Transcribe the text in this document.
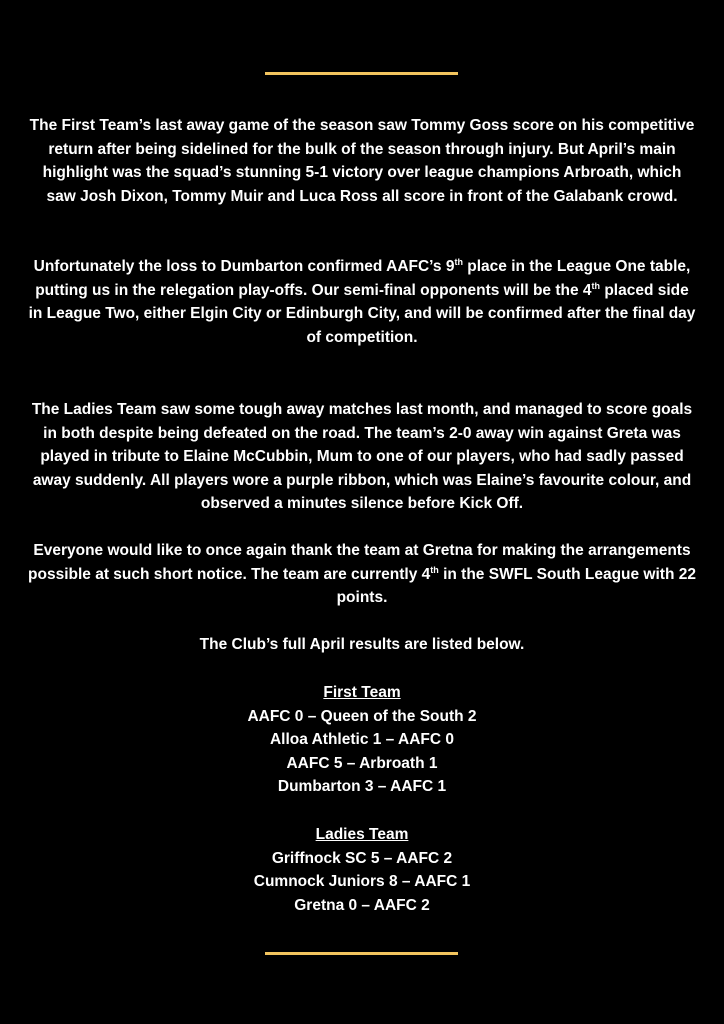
The First Team’s last away game of the season saw Tommy Goss score on his competitive return after being sidelined for the bulk of the season through injury. But April’s main highlight was the squad’s stunning 5-1 victory over league champions Arbroath, which saw Josh Dixon, Tommy Muir and Luca Ross all score in front of the Galabank crowd.

Unfortunately the loss to Dumbarton confirmed AAFC’s 9th place in the League One table, putting us in the relegation play-offs. Our semi-final opponents will be the 4th placed side in League Two, either Elgin City or Edinburgh City, and will be confirmed after the final day of competition.

The Ladies Team saw some tough away matches last month, and managed to score goals in both despite being defeated on the road. The team’s 2-0 away win against Greta was played in tribute to Elaine McCubbin, Mum to one of our players, who had sadly passed away suddenly. All players wore a purple ribbon, which was Elaine’s favourite colour, and observed a minutes silence before Kick Off.

Everyone would like to once again thank the team at Gretna for making the arrangements possible at such short notice. The team are currently 4th in the SWFL South League with 22 points.

The Club’s full April results are listed below.

First Team
AAFC 0 – Queen of the South 2
Alloa Athletic 1 – AAFC 0
AAFC 5 – Arbroath 1
Dumbarton 3 – AAFC 1
Ladies Team
Griffnock SC 5 – AAFC 2
Cumnock Juniors 8 – AAFC 1
Gretna 0 – AAFC 2
